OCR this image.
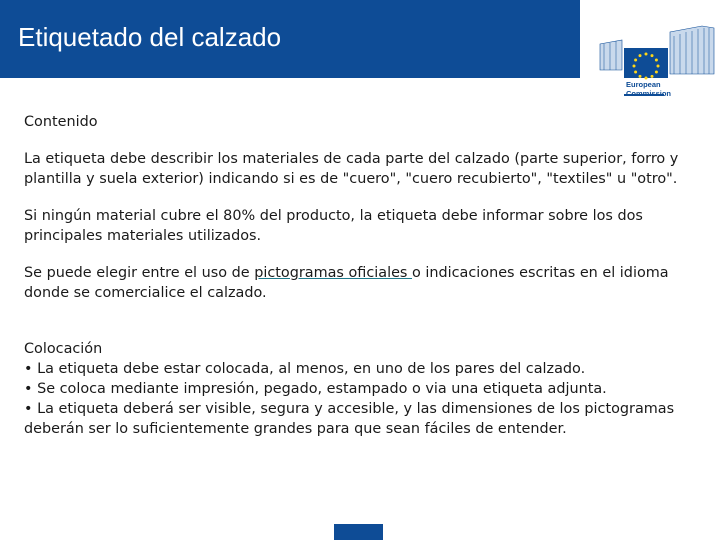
Etiquetado del calzado
European
Commission

Contenido

La etiqueta debe describir los materiales de cada parte del calzado (parte superior, forro y plantilla y suela exterior) indicando si es de "cuero", "cuero recubierto", "textiles" u "otro".

Si ningún material cubre el 80% del producto, la etiqueta debe informar sobre los dos principales materiales utilizados.

Se puede elegir entre el uso de pictogramas oficiales o indicaciones escritas en el idioma donde se comercialice el calzado.

Colocación

• La etiqueta debe estar colocada, al menos, en uno de los pares del calzado.

• Se coloca mediante impresión, pegado, estampado o via una etiqueta adjunta.

• La etiqueta deberá ser visible, segura y accesible, y las dimensiones de los pictogramas deberán ser lo suficientemente grandes para que sean fáciles de entender.
